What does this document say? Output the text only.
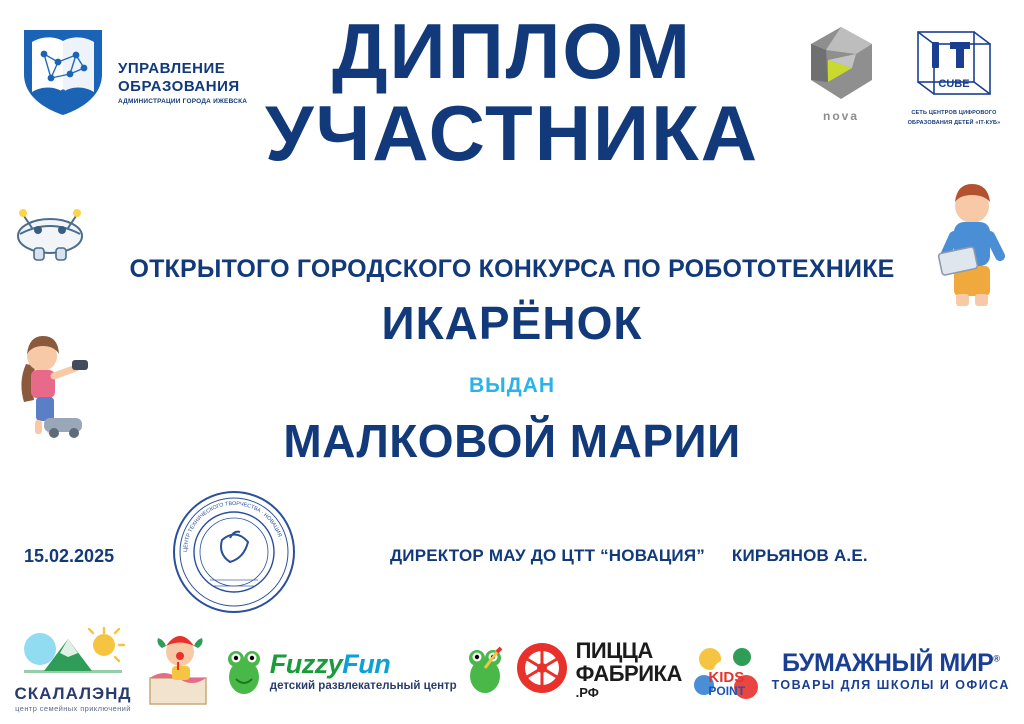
УПРАВЛЕНИЕ
ОБРАЗОВАНИЯ
АДМИНИСТРАЦИИ ГОРОДА ИЖЕВСКА
nova
CUBE
СЕТЬ ЦЕНТРОВ ЦИФРОВОГО
ОБРАЗОВАНИЯ ДЕТЕЙ «IT-КУБ»
ДИПЛОМ
УЧАСТНИКА
ОТКРЫТОГО ГОРОДСКОГО КОНКУРСА ПО РОБОТОТЕХНИКЕ
ИКАРЁНОК
ВЫДАН
МАЛКОВОЙ МАРИИ
ЦЕНТР ТЕХНИЧЕСКОГО ТВОРЧЕСТВА · НОВАЦИЯ ·
15.02.2025	ДИРЕКТОР МАУ ДО ЦТТ “НОВАЦИЯ” КИРЬЯНОВ А.Е.
СКАЛАЛЭНД
центр семейных приключений
FuzzyFun
детский развлекательный центр
ПИЦЦА
ФАБРИКА
.РФ
KIDS
POINT
БУМАЖНЫЙ МИР®
ТОВАРЫ ДЛЯ ШКОЛЫ И ОФИСА
